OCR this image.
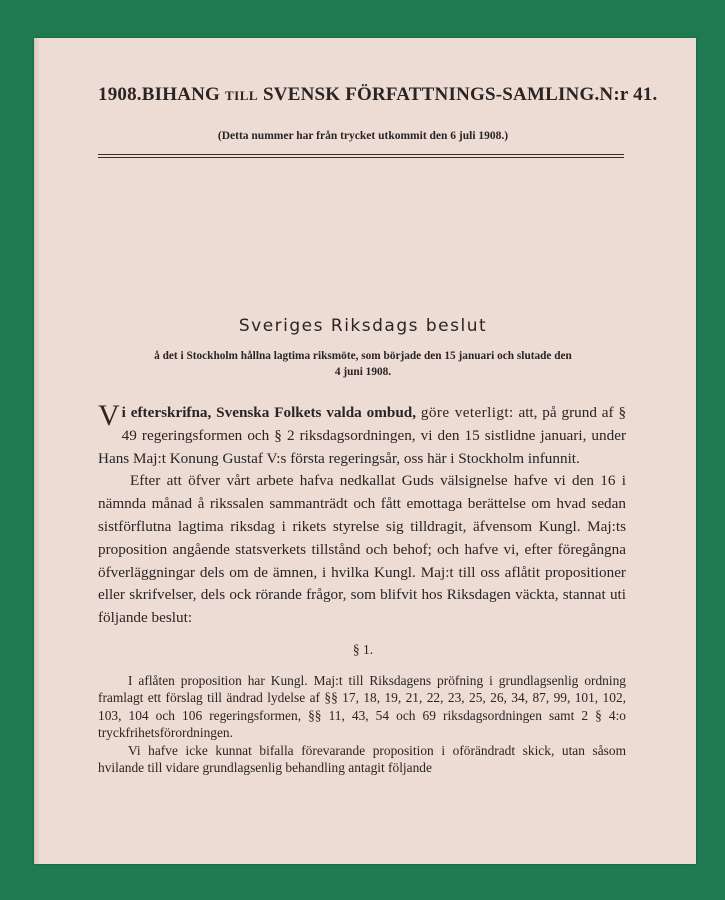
1908. BIHANG TILL SVENSK FÖRFATTNINGS-SAMLING. N:r 41.
(Detta nummer har från trycket utkommit den 6 juli 1908.)
Sveriges Riksdags beslut
å det i Stockholm hållna lagtima riksmöte, som började den 15 januari och slutade den
4 juni 1908.

Vi efterskrifna, Svenska Folkets valda ombud, göre veterligt: att, på grund af § 49 regeringsformen och § 2 riksdagsordningen, vi den 15 sistlidne januari, under Hans Maj:t Konung Gustaf V:s första regeringsår, oss här i Stockholm infunnit.

Efter att öfver vårt arbete hafva nedkallat Guds välsignelse hafve vi den 16 i nämnda månad å rikssalen sammanträdt och fått emottaga berättelse om hvad sedan sistförflutna lagtima riksdag i rikets styrelse sig tilldragit, äfvensom Kungl. Maj:ts proposition angående statsverkets tillstånd och behof; och hafve vi, efter föregångna öfverläggningar dels om de ämnen, i hvilka Kungl. Maj:t till oss aflåtit propositioner eller skrifvelser, dels ock rörande frågor, som blifvit hos Riksdagen väckta, stannat uti följande beslut:

§ 1.

I aflåten proposition har Kungl. Maj:t till Riksdagens pröfning i grundlagsenlig ordning framlagt ett förslag till ändrad lydelse af §§ 17, 18, 19, 21, 22, 23, 25, 26, 34, 87, 99, 101, 102, 103, 104 och 106 regeringsformen, §§ 11, 43, 54 och 69 riksdagsordningen samt 2 § 4:o tryckfrihetsförordningen.

Vi hafve icke kunnat bifalla förevarande proposition i oförändradt skick, utan såsom hvilande till vidare grundlagsenlig behandling antagit följande
